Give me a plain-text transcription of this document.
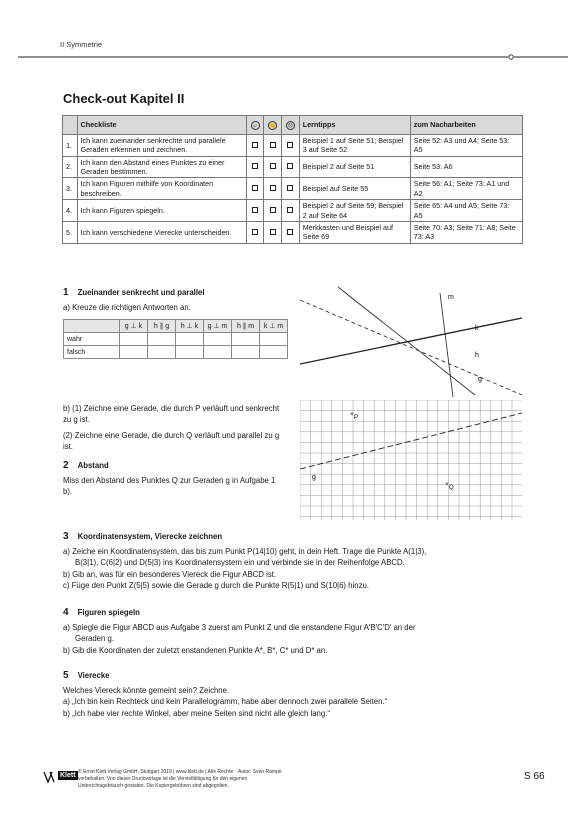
II Symmetrie
Check-out Kapitel II
	Checkliste	☺	😐	☹	Lerntipps	zum Nacharbeiten
1.	Ich kann zueinander senkrechte und parallele Geraden erkennen und zeichnen.				Beispiel 1 auf Seite 51; Beispiel 3 auf Seite 52	Seite 52: A3 und A4; Seite 53: A5
2.	Ich kann den Abstand eines Punktes zu einer Geraden bestimmen.				Beispiel 2 auf Seite 51	Seite 53: A6
3.	Ich kann Figuren mithilfe von Koordinaten beschreiben.				Beispiel auf Seite 55	Seite 56: A1; Seite 73: A1 und A2
4.	Ich kann Figuren spiegeln.				Beispiel 2 auf Seite 59; Beispiel 2 auf Seite 64	Seite 65: A4 und A5; Seite 73: A5
5.	Ich kann verschiedene Vierecke unterscheiden.				Merkkasten und Beispiel auf Seite 69	Seite 70: A3; Seite 71: A8; Seite 73: A3
1 Zueinander senkrecht und parallel
a) Kreuze die richtigen Antworten an.
	g ⊥ k	h ∥ g	h ⊥ k	g ⊥ m	h ∥ m	k ⊥ m
wahr						
falsch						
m
k
h
g
b) (1) Zeichne eine Gerade, die durch P verläuft und senkrecht zu g ist.
(2) Zeichne eine Gerade, die durch Q verläuft und parallel zu g ist.
× P
× Q
g
2 Abstand
Miss den Abstand des Punktes Q zur Geraden g in Aufgabe 1 b).
3 Koordinatensystem, Vierecke zeichnen
a) Zeiche ein Koordinatensystem, das bis zum Punkt P(14|10) geht, in dein Heft. Trage die Punkte A(1|3),
B(3|1), C(6|2) und D(5|3) ins Koordinatensystem ein und verbinde sie in der Reihenfolge ABCD.
b) Gib an, was für ein besonderes Viereck die Figur ABCD ist.
c) Füge den Punkt Z(5|5) sowie die Gerade g durch die Punkte R(5|1) und S(10|6) hinzu.
4 Figuren spiegeln
a) Spiegle die Figur ABCD aus Aufgabe 3 zuerst am Punkt Z und die enstandene Figur A′B′C′D′ an der
Geraden g.
b) Gib die Koordinaten der zuletzt enstandenen Punkte A*, B*, C* und D* an.
5 Vierecke
Welches Viereck könnte gemeint sein? Zeichne.
a) „Ich bin kein Rechteck und kein Parallelogramm, habe aber dennoch zwei parallele Seiten.“
b) „Ich habe vier rechte Winkel, aber meine Seiten sind nicht alle gleich lang.“
Klett © Ernst Klett Verlag GmbH, Stuttgart 2019 | www.klett.de | Alle Rechte
vorbehalten. Von dieser Druckvorlage ist die Vervielfältigung für den eigenen
Unterrichtsgebrauch gestattet. Die Kopiergebühren sind abgegolten.
Autor: Sven Rampe	S 66
